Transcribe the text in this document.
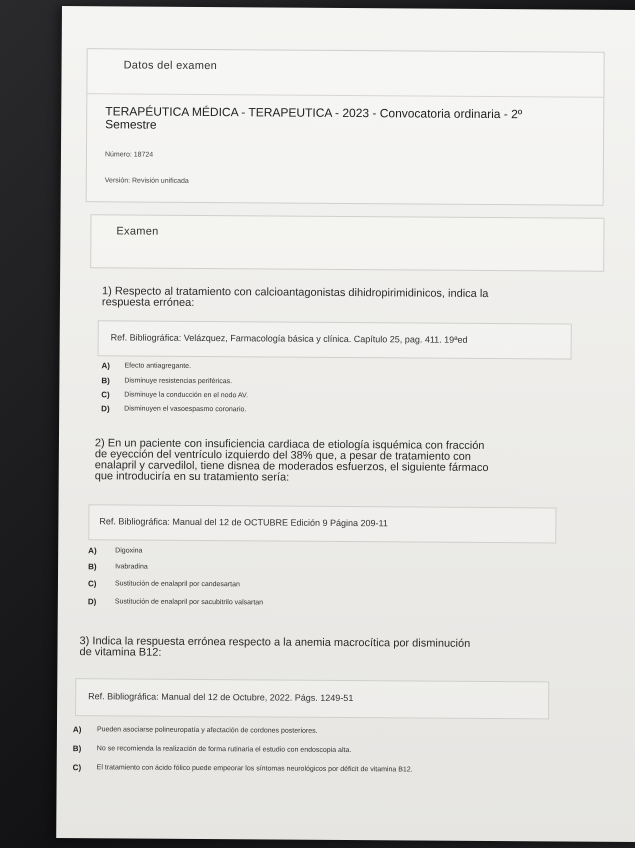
Datos del examen
TERAPÉUTICA MÉDICA - TERAPEUTICA - 2023 - Convocatoria ordinaria - 2º
Semestre
Número: 18724
Versión: Revisión unificada
Examen
1) Respecto al tratamiento con calcioantagonistas dihidropirimidinicos, indica la
respuesta errónea:
Ref. Bibliográfica: Velázquez, Farmacología básica y clínica. Capítulo 25, pag. 411. 19ªed
A) Efecto antiagregante.
B) Disminuye resistencias periféricas.
C) Disminuye la conducción en el nodo AV.
D) Disminuyen el vasoespasmo coronario.
2) En un paciente con insuficiencia cardiaca de etiología isquémica con fracción
de eyección del ventrículo izquierdo del 38% que, a pesar de tratamiento con
enalapril y carvedilol, tiene disnea de moderados esfuerzos, el siguiente fármaco
que introduciría en su tratamiento sería:
Ref. Bibliográfica: Manual del 12 de OCTUBRE Edición 9 Página 209-11
A)	Digoxina
B)	Ivabradina
C)	Sustitución de enalapril por candesartan
D)	Sustitución de enalapril por sacubitrilo valsartan
3) Indica la respuesta errónea respecto a la anemia macrocítica por disminución
de vitamina B12:
Ref. Bibliográfica: Manual del 12 de Octubre, 2022. Págs. 1249-51
A) Pueden asociarse polineuropatía y afectación de cordones posteriores.
B) No se recomienda la realización de forma rutinaria el estudio con endoscopia alta.
C) El tratamiento con ácido fólico puede empeorar los síntomas neurológicos por déficit de vitamina B12.
